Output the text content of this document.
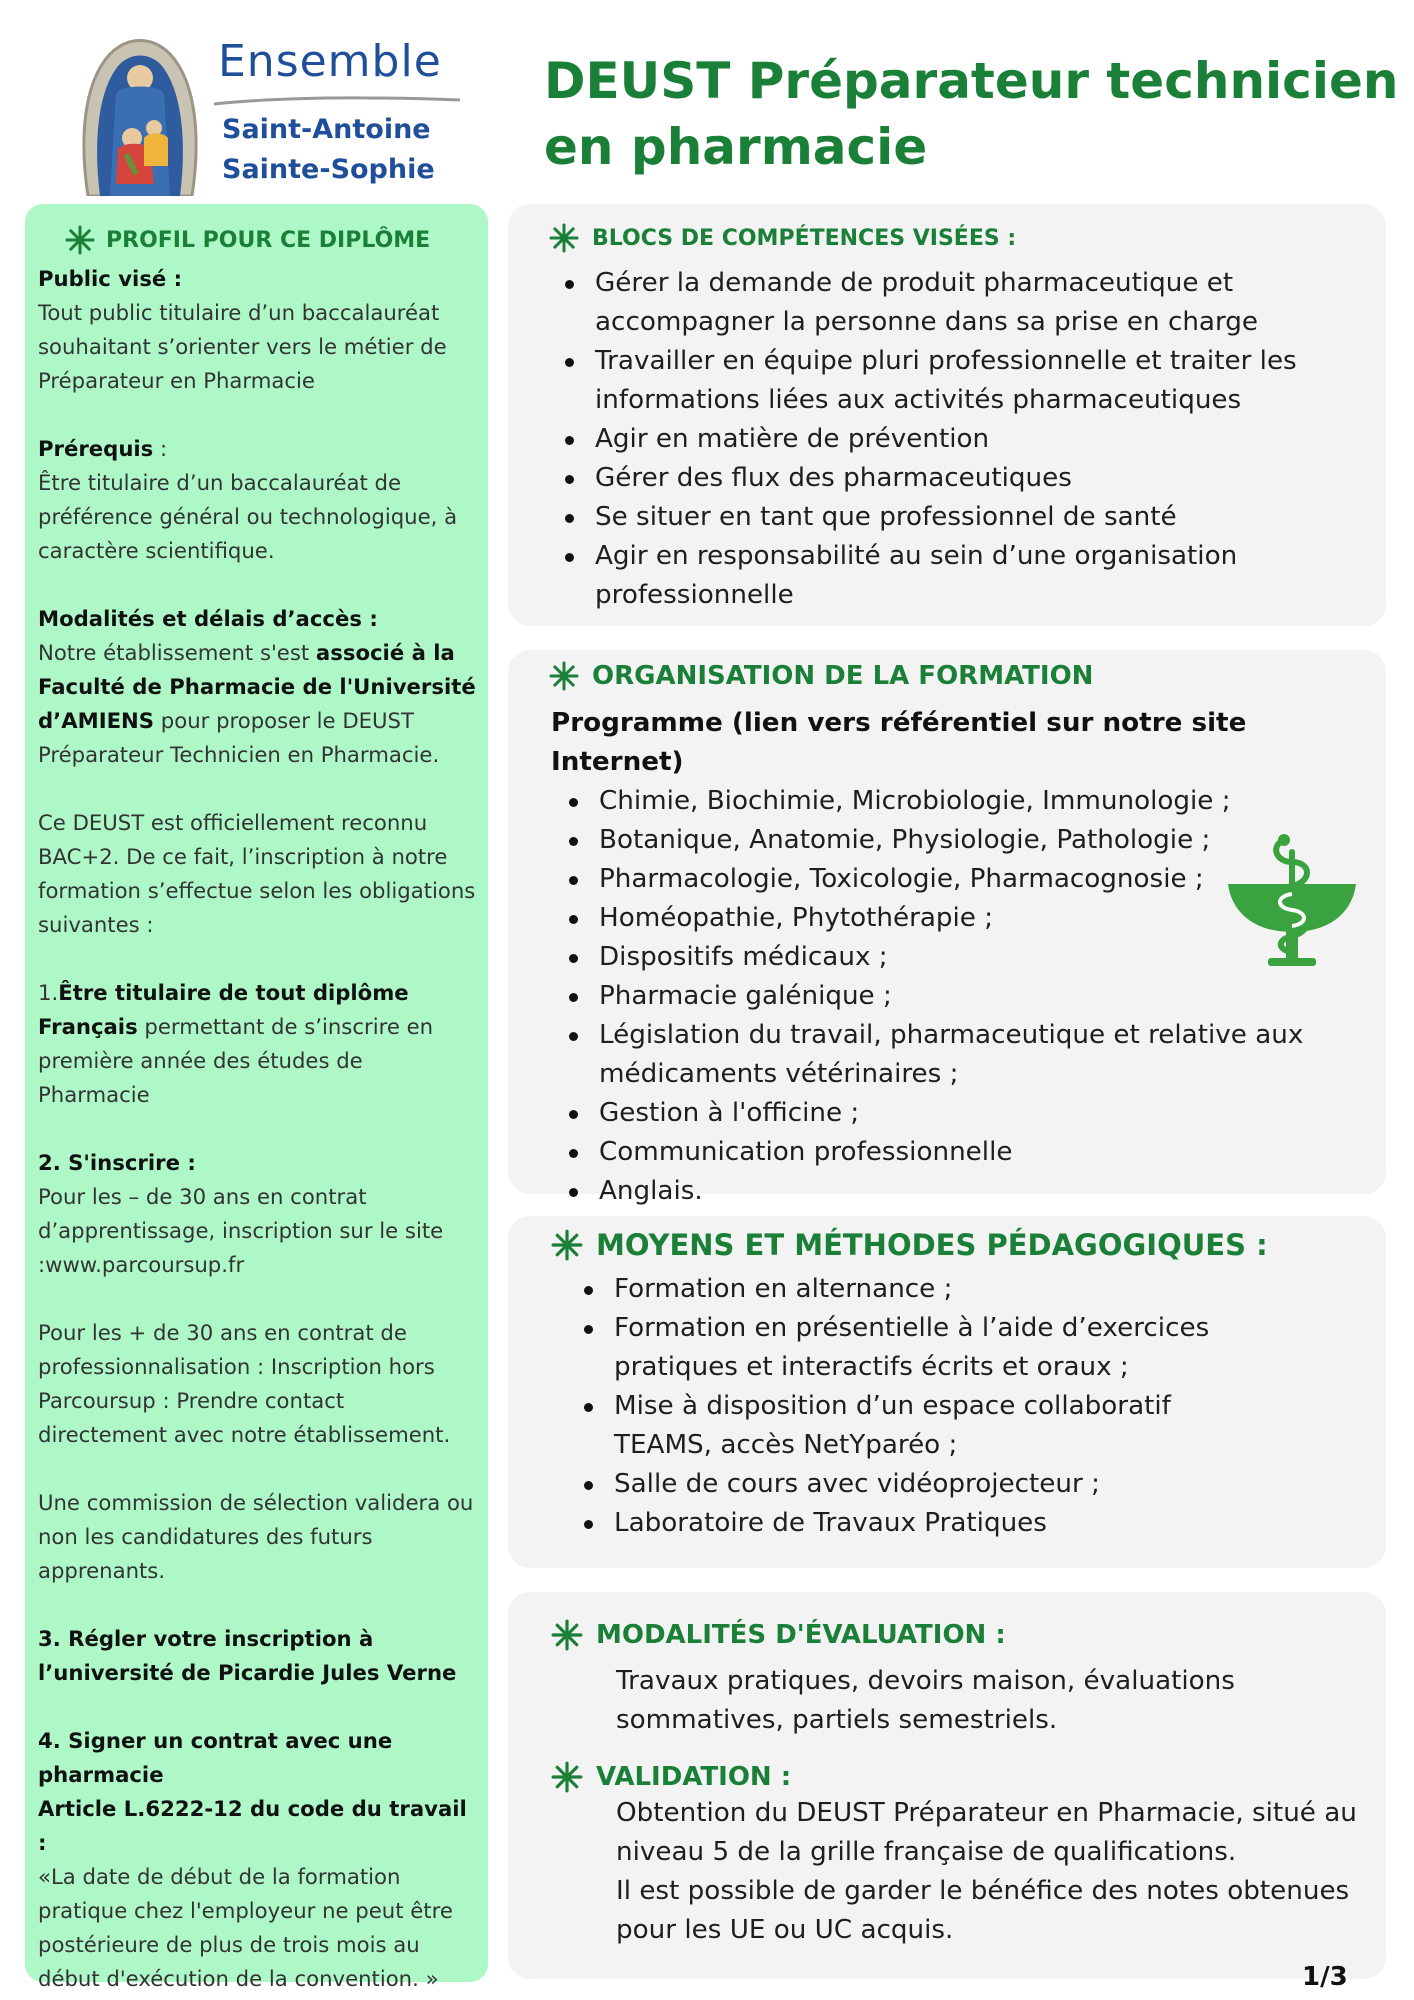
Ensemble
Saint-Antoine
Sainte-Sophie
DEUST Préparateur technicien en pharmacie
PROFIL POUR CE DIPLÔME

Public visé :
Tout public titulaire d’un baccalauréat souhaitant s’orienter vers le métier de Préparateur en Pharmacie

Prérequis :
Être titulaire d’un baccalauréat de préférence général ou technologique, à caractère scientifique.

Modalités et délais d’accès :
Notre établissement s'est associé à la Faculté de Pharmacie de l'Université d’AMIENS pour proposer le DEUST Préparateur Technicien en Pharmacie.

Ce DEUST est officiellement reconnu BAC+2. De ce fait, l’inscription à notre formation s’effectue selon les obligations suivantes :

1.Être titulaire de tout diplôme Français permettant de s’inscrire en première année des études de Pharmacie

2. S'inscrire :
Pour les – de 30 ans en contrat d’apprentissage, inscription sur le site :www.parcoursup.fr

Pour les + de 30 ans en contrat de professionnalisation : Inscription hors Parcoursup : Prendre contact directement avec notre établissement.

Une commission de sélection validera ou non les candidatures des futurs apprenants.

3. Régler votre inscription à l’université de Picardie Jules Verne

4. Signer un contrat avec une pharmacie
Article L.6222-12 du code du travail :
«La date de début de la formation pratique chez l'employeur ne peut être postérieure de plus de trois mois au début d'exécution de la convention. »

BLOCS DE COMPÉTENCES VISÉES :
Gérer la demande de produit pharmaceutique et accompagner la personne dans sa prise en charge
Travailler en équipe pluri professionnelle et traiter les informations liées aux activités pharmaceutiques
Agir en matière de prévention
Gérer des flux des pharmaceutiques
Se situer en tant que professionnel de santé
Agir en responsabilité au sein d’une organisation professionnelle
ORGANISATION DE LA FORMATION
Programme (lien vers référentiel sur notre site Internet)
Chimie, Biochimie, Microbiologie, Immunologie ;
Botanique, Anatomie, Physiologie, Pathologie ;
Pharmacologie, Toxicologie, Pharmacognosie ;
Homéopathie, Phytothérapie ;
Dispositifs médicaux ;
Pharmacie galénique ;
Législation du travail, pharmaceutique et relative aux médicaments vétérinaires ;
Gestion à l'officine ;
Communication professionnelle
Anglais.
MOYENS ET MÉTHODES PÉDAGOGIQUES :
Formation en alternance ;
Formation en présentielle à l’aide d’exercices pratiques et interactifs écrits et oraux ;
Mise à disposition d’un espace collaboratif TEAMS, accès NetYparéo ;
Salle de cours avec vidéoprojecteur ;
Laboratoire de Travaux Pratiques
MODALITÉS D'ÉVALUATION :
Travaux pratiques, devoirs maison, évaluations sommatives, partiels semestriels.
VALIDATION :
Obtention du DEUST Préparateur en Pharmacie, situé au niveau 5 de la grille française de qualifications.
Il est possible de garder le bénéfice des notes obtenues pour les UE ou UC acquis.
1/3
